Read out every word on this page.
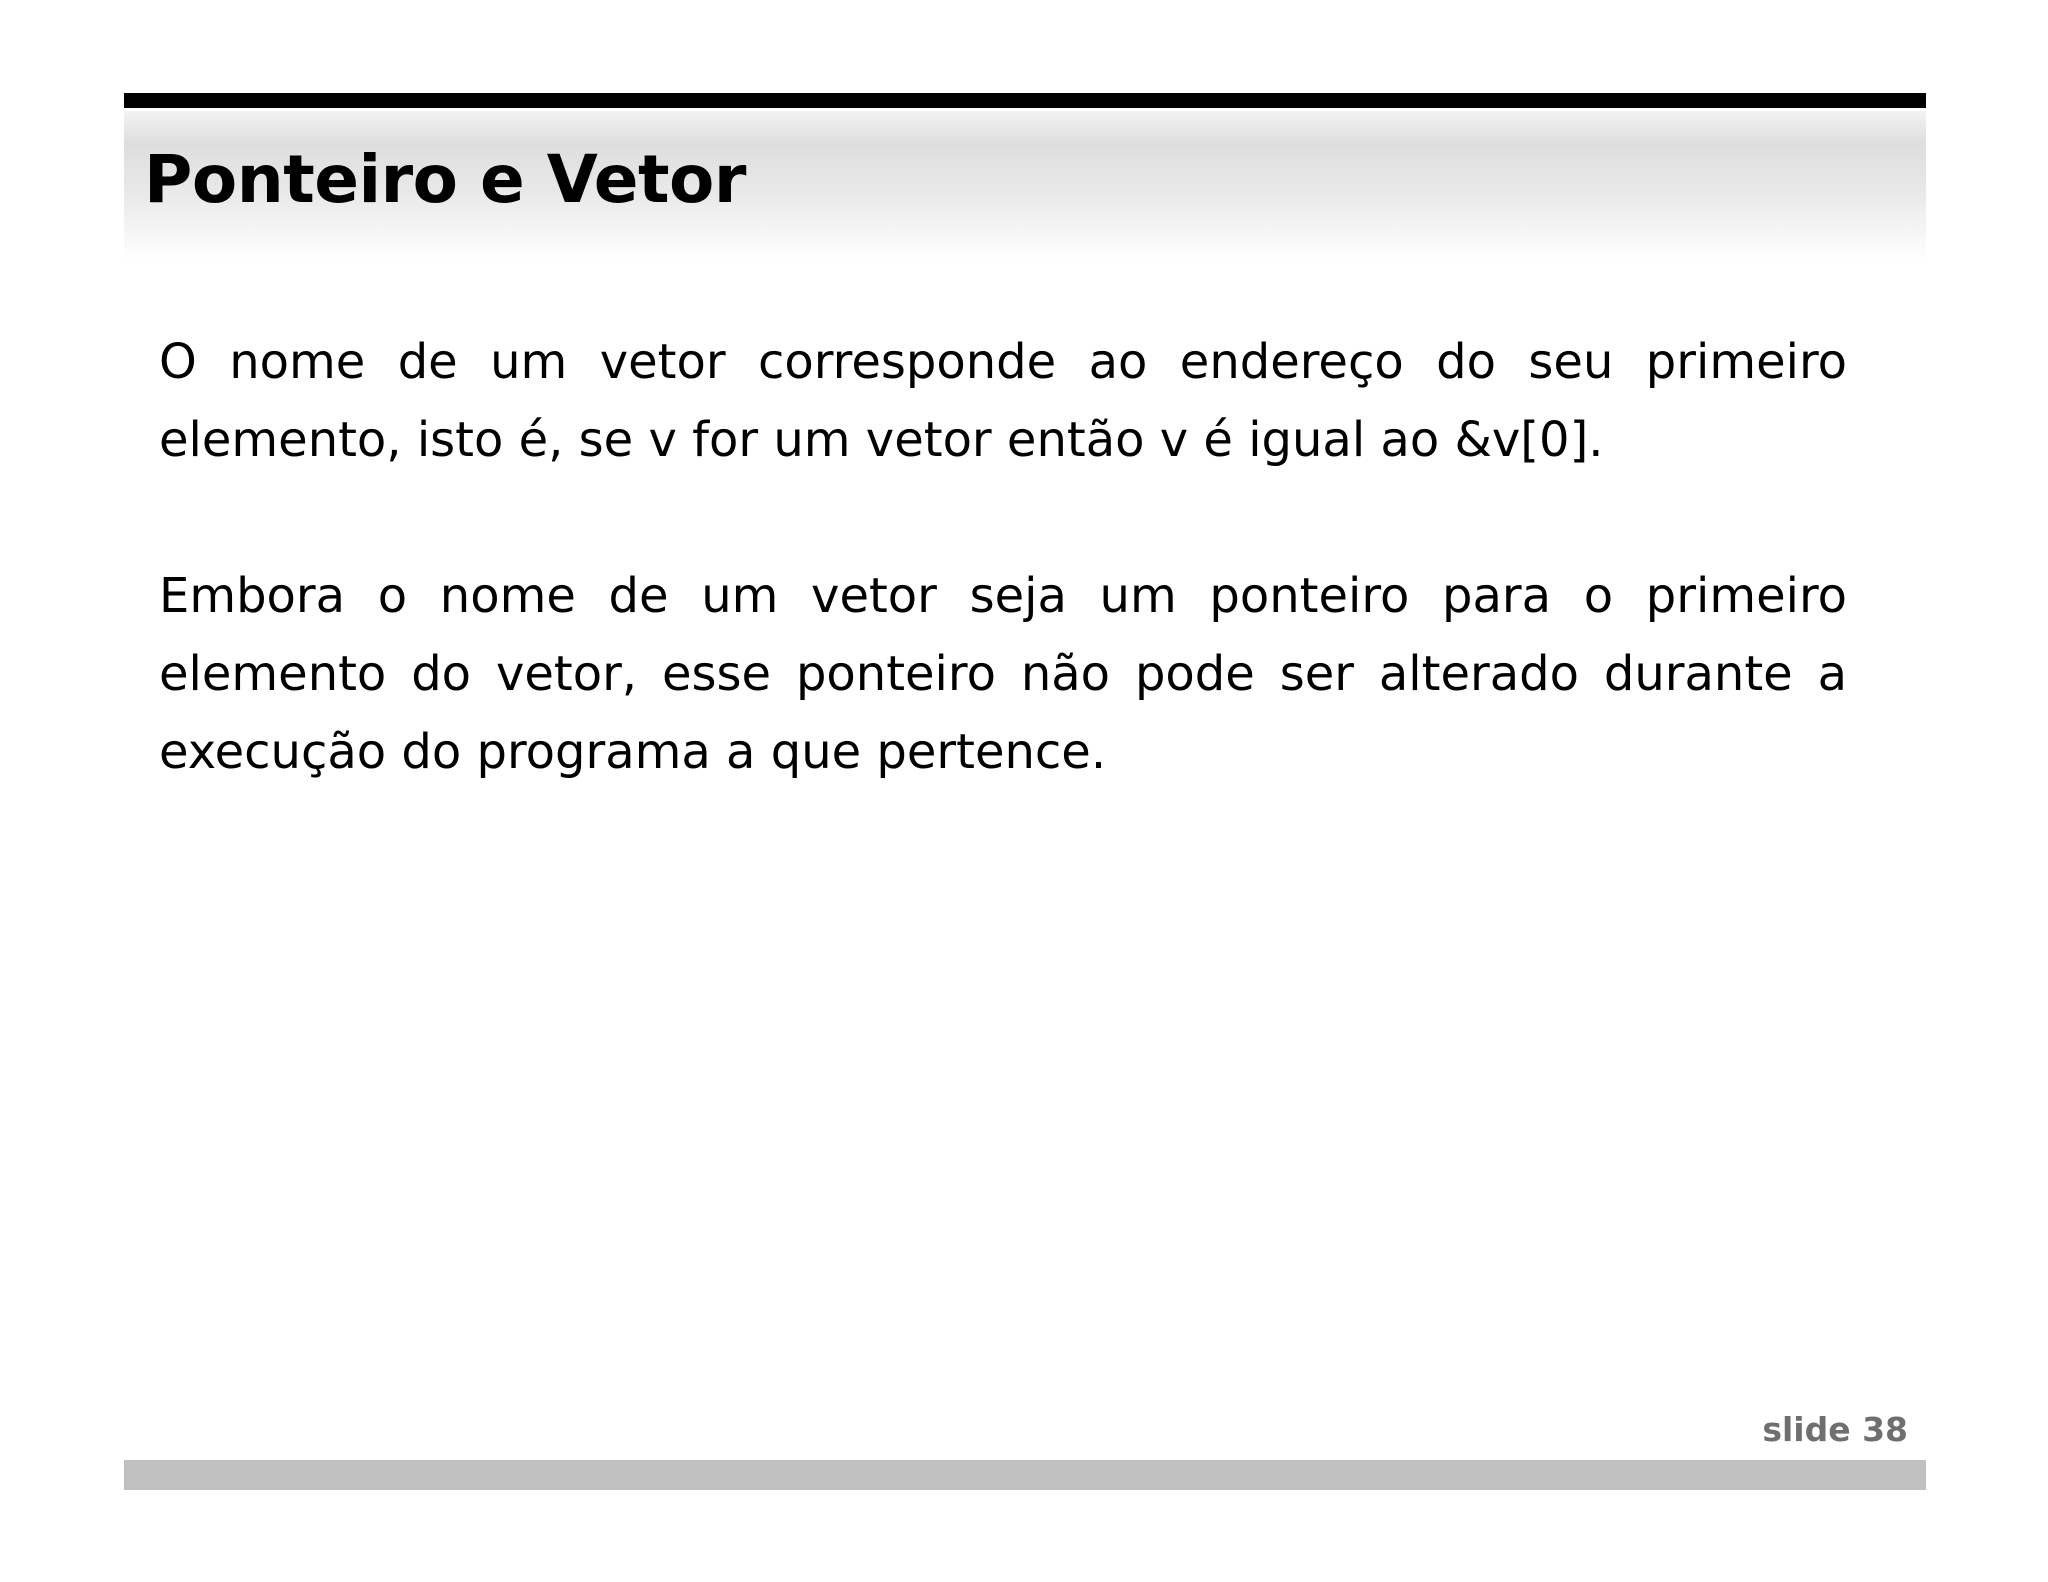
Ponteiro e Vetor

O nome de um vetor corresponde ao endereço do seu primeiro elemento, isto é, se v for um vetor então v é igual ao &v[0].

Embora o nome de um vetor seja um ponteiro para o primeiro elemento do vetor, esse ponteiro não pode ser alterado durante a execução do programa a que pertence.

slide 38
